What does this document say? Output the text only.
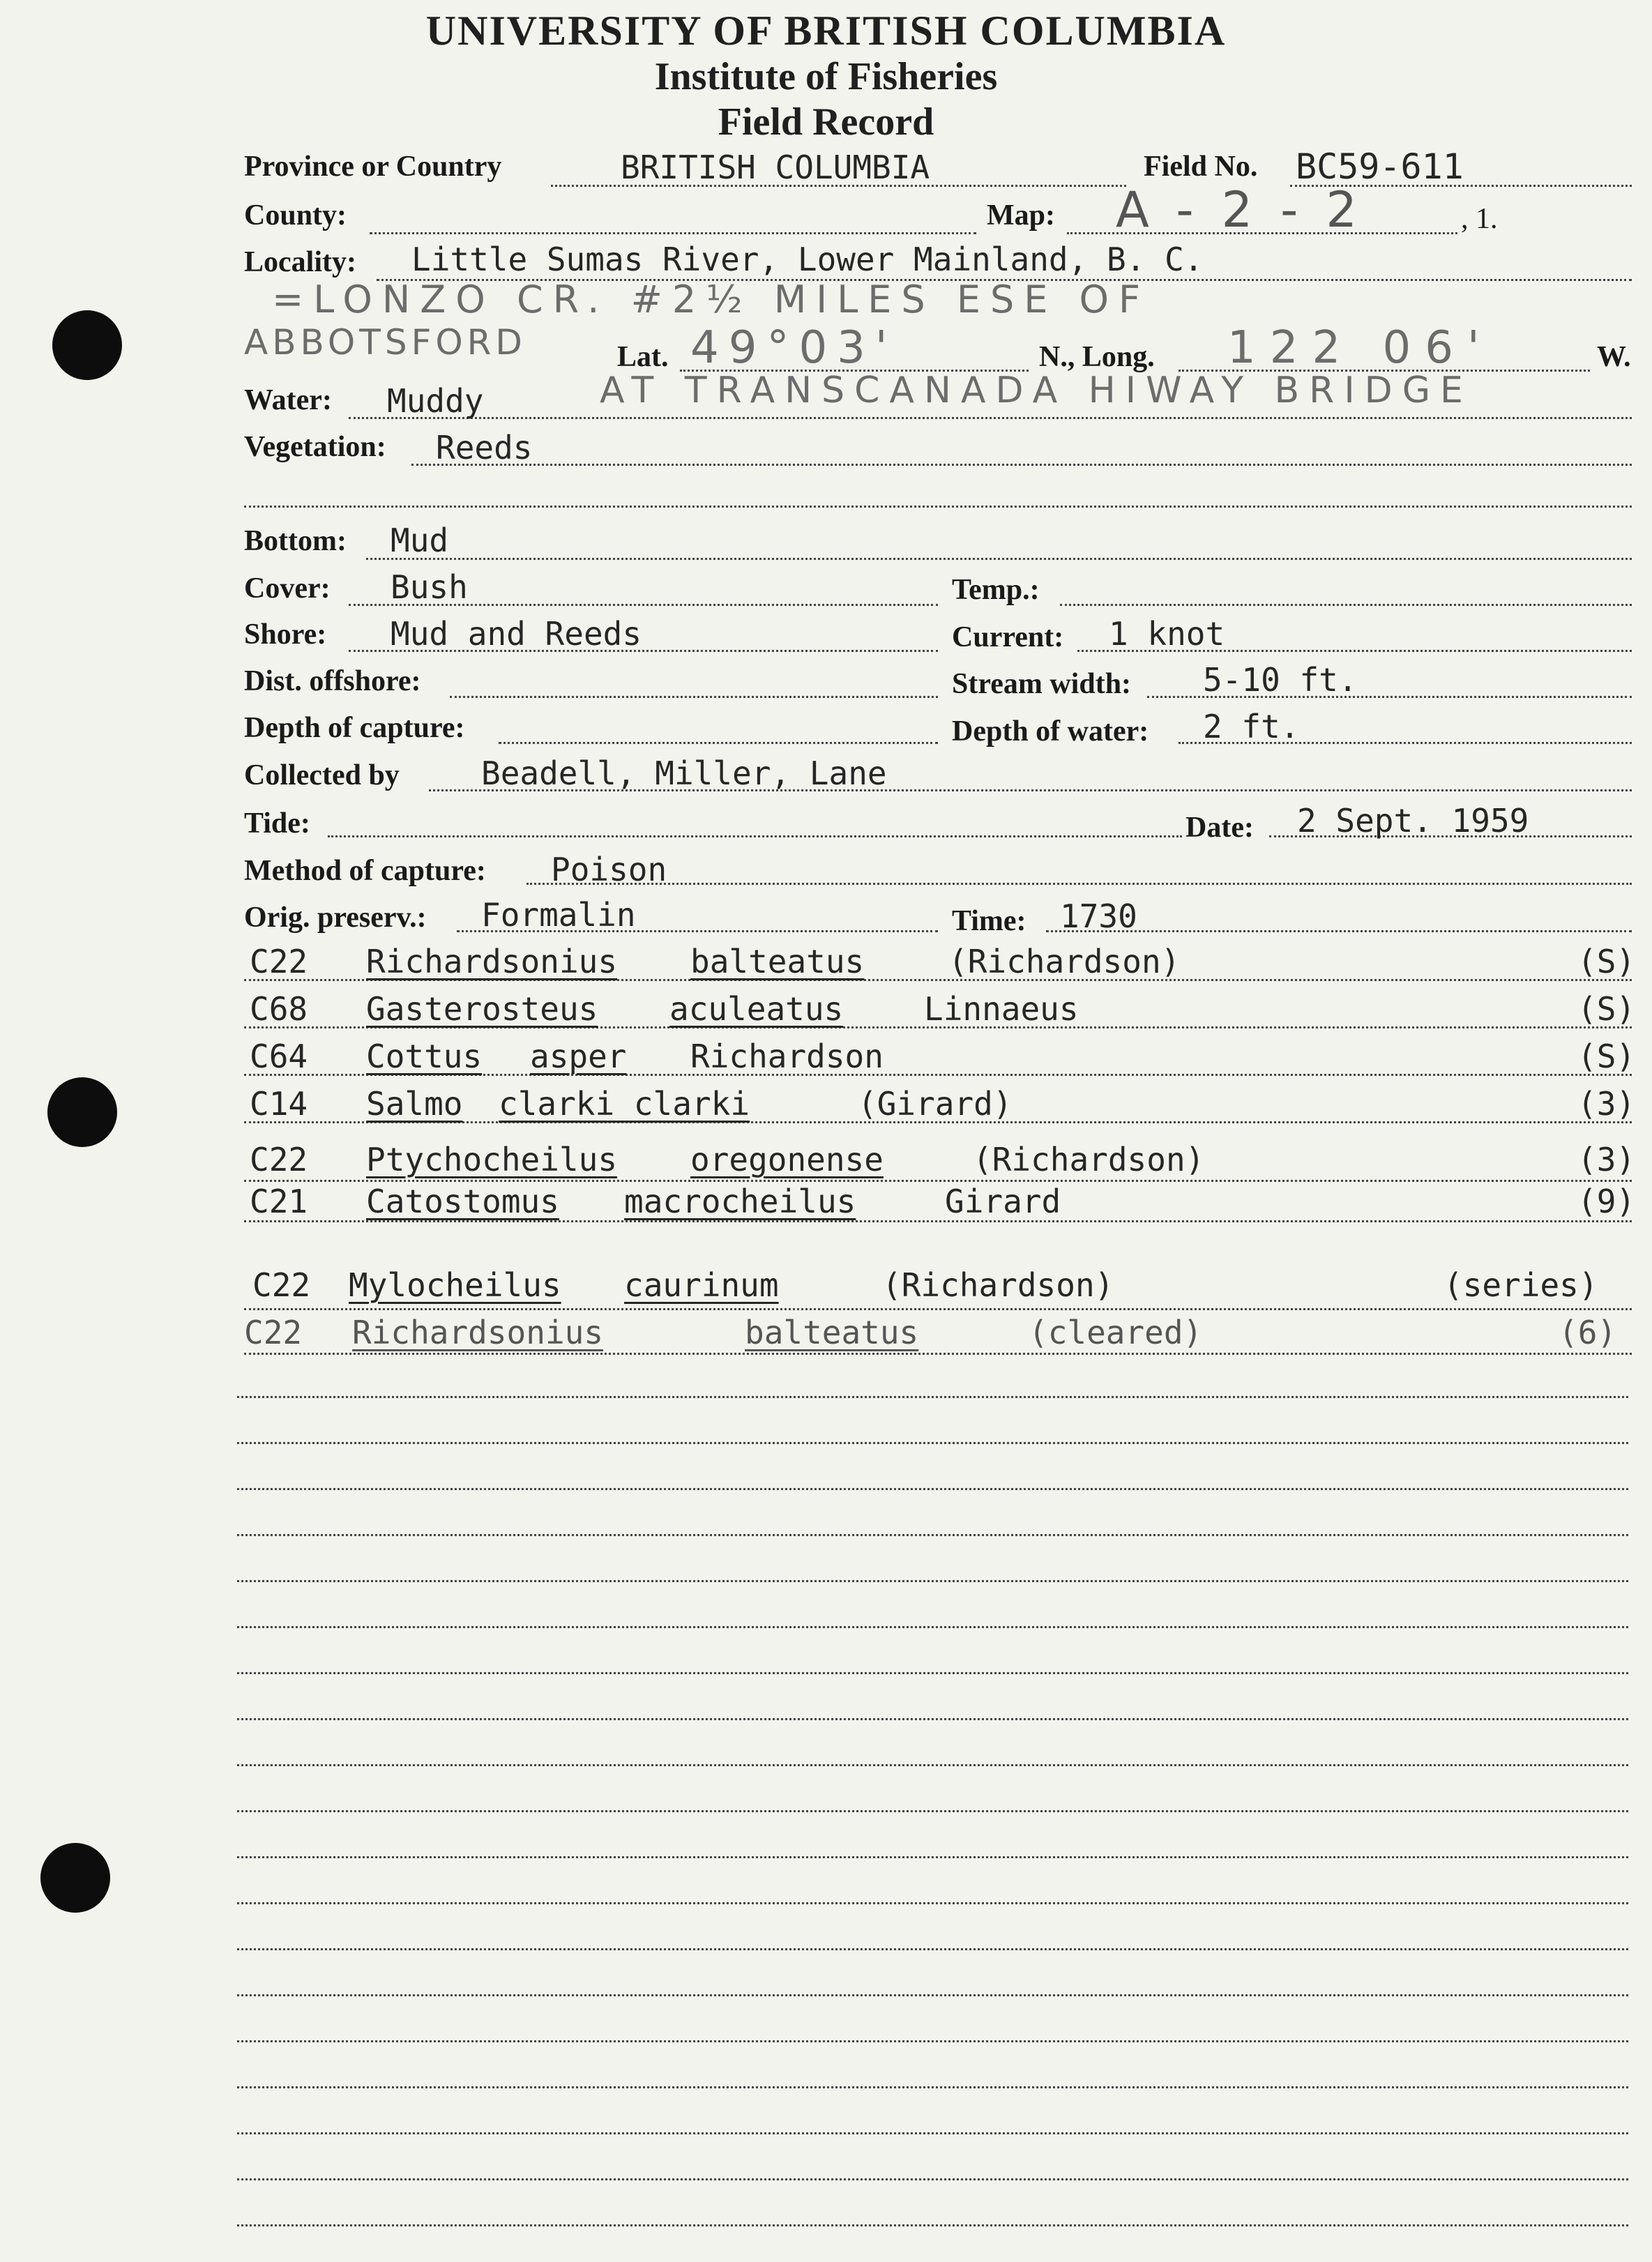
UNIVERSITY OF BRITISH COLUMBIA
Institute of Fisheries
Field Record
Province or Country	BRITISH COLUMBIA	Field No. BC59-611
County:	Map: A-2-2	, 1.
Locality: Little Sumas River, Lower Mainland, B. C.
=LONZO CR. #2½ MILES ESE OF
ABBOTSFORD	Lat. 49°03'	N., Long. 122 06'	W.
Water: Muddy	AT TRANSCANADA HIWAY BRIDGE
Vegetation: Reeds
Bottom: Mud
Cover: Bush	Temp.:
Shore: Mud and Reeds	Current: 1 knot
Dist. offshore:	Stream width: 5-10 ft.
Depth of capture:	Depth of water: 2 ft.
Collected by	Beadell, Miller, Lane
Tide:	Date: 2 Sept. 1959
Method of capture: Poison
Orig. preserv.: Formalin	Time: 1730
C22 Richardsonius balteatus	(Richardson)	(S)
C68 Gasterosteus aculeatus	Linnaeus	(S)
C64 Cottus asper Richardson	(S)
C14 Salmo clarki clarki	(Girard)	(3)
C22 Ptychocheilus oregonense	(Richardson)	(3)
C21 Catostomus macrocheilus	Girard	(9)
C22 Mylocheilus caurinum	(Richardson)	(series)
C22 Richardsonius	balteatus	(cleared)	(6)
